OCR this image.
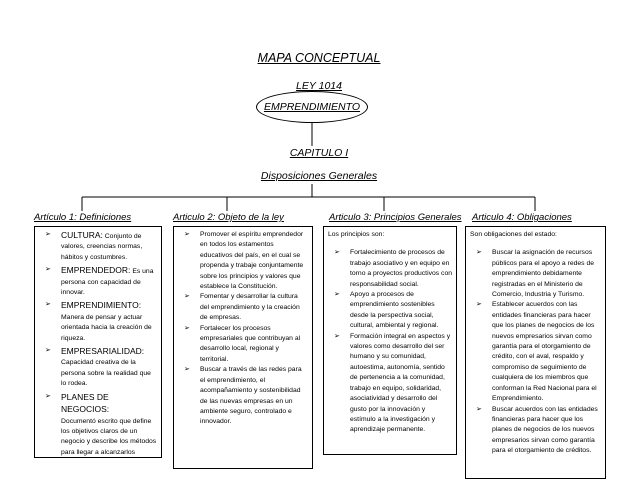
MAPA CONCEPTUAL
LEY 1014
EMPRENDIMIENTO
CAPITULO I
Disposiciones Generales
Artículo 1: Definiciones	Articulo 2: Objeto de la ley	Articulo 3: Principios Generales Articulo 4: Obligaciones
➢ CULTURA: Conjunto de valores, creencias normas, hábitos y costumbres.
➢ EMPRENDEDOR: Es una persona con capacidad de innovar.
➢ EMPRENDIMIENTO:
Manera de pensar y actuar orientada hacia la creación de riqueza.
➢ EMPRESARIALIDAD:
Capacidad creativa de la persona sobre la realidad que lo rodea.
➢ PLANES DE NEGOCIOS:
Documentó escrito que define los objetivos claros de un negocio y describe los métodos para llegar a alcanzarlos
➢ Promover el espíritu emprendedor en todos los estamentos educativos del país, en el cual se propenda y trabaje conjuntamente sobre los principios y valores que establece la Constitución.
➢ Fomentar y desarrollar la cultura del emprendimiento y la creación de empresas.
➢ Fortalecer los procesos empresariales que contribuyan al desarrollo local, regional y territorial.
➢ Buscar a través de las redes para el emprendimiento, el acompañamiento y sostenibilidad de las nuevas empresas en un ambiente seguro, controlado e innovador.
Los principios son:
➢ Fortalecimiento de procesos de trabajo asociativo y en equipo en torno a proyectos productivos con responsabilidad social.
➢ Apoyo a procesos de emprendimiento sostenibles desde la perspectiva social, cultural, ambiental y regional.
➢ Formación integral en aspectos y valores como desarrollo del ser humano y su comunidad, autoestima, autonomía, sentido de pertenencia a la comunidad, trabajo en equipo, solidaridad, asociatividad y desarrollo del gusto por la innovación y estímulo a la investigación y aprendizaje permanente.
Son obligaciones del estado:
➢ Buscar la asignación de recursos públicos para el apoyo a redes de emprendimiento debidamente registradas en el Ministerio de Comercio, Industria y Turismo.
➢ Establecer acuerdos con las entidades financieras para hacer que los planes de negocios de los nuevos empresarios sirvan como garantía para el otorgamiento de crédito, con el aval, respaldo y compromiso de seguimiento de cualquiera de los miembros que conforman la Red Nacional para el Emprendimiento.
➢ Buscar acuerdos con las entidades financieras para hacer que los planes de negocios de los nuevos empresarios sirvan como garantía para el otorgamiento de créditos.
